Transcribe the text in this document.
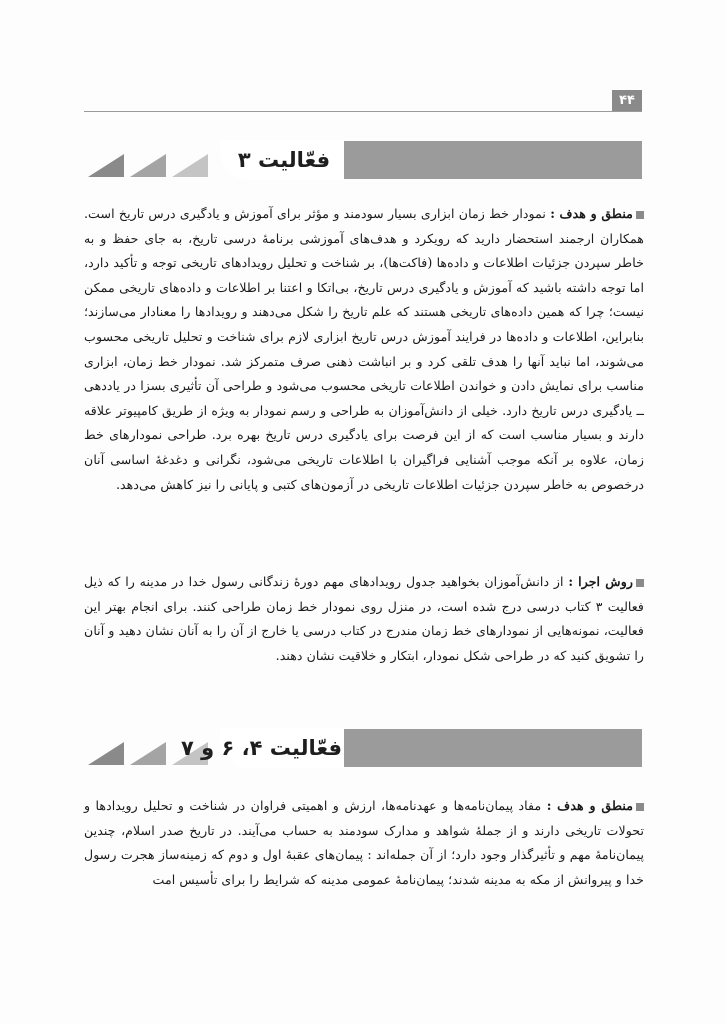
۴۴
فعّالیت ۳

منطق و هدف : نمودار خط زمان ابزاری بسیار سودمند و مؤثر برای آموزش و یادگیری درس تاریخ است. همکاران ارجمند استحضار دارید که رویکرد و هدف‌های آموزشی برنامهٔ درسی تاریخ، به جای حفظ و به خاطر سپردن جزئیات اطلاعات و داده‌ها (فاکت‌ها)، بر شناخت و تحلیل رویدادهای تاریخی توجه و تأکید دارد، اما توجه داشته باشید که آموزش و یادگیری درس تاریخ، بی‌اتکا و اعتنا بر اطلاعات و داده‌های تاریخی ممکن نیست؛ چرا که همین داده‌های تاریخی هستند که علم تاریخ را شکل می‌دهند و رویدادها را معنادار می‌سازند؛ بنابراین، اطلاعات و داده‌ها در فرایند آموزش درس تاریخ ابزاری لازم برای شناخت و تحلیل تاریخی محسوب می‌شوند، اما نباید آنها را هدف تلقی کرد و بر انباشت ذهنی صرف متمرکز شد. نمودار خط زمان، ابزاری مناسب برای نمایش دادن و خواندن اطلاعات تاریخی محسوب می‌شود و طراحی آن تأثیری بسزا در یاددهی ــ یادگیری درس تاریخ دارد. خیلی از دانش‌آموزان به طراحی و رسم نمودار به ویژه از طریق کامپیوتر علاقه دارند و بسیار مناسب است که از این فرصت برای یادگیری درس تاریخ بهره برد. طراحی نمودارهای خط زمان، علاوه بر آنکه موجب آشنایی فراگیران با اطلاعات تاریخی می‌شود، نگرانی و دغدغهٔ اساسی آنان درخصوص به خاطر سپردن جزئیات اطلاعات تاریخی در آزمون‌های کتبی و پایانی را نیز کاهش می‌دهد.

روش اجرا : از دانش‌آموزان بخواهید جدول رویدادهای مهم دورهٔ زندگانی رسول خدا در مدینه را که ذیل فعالیت ۳ کتاب درسی درج شده است، در منزل روی نمودار خط زمان طراحی کنند. برای انجام بهتر این فعالیت، نمونه‌هایی از نمودارهای خط زمان مندرج در کتاب درسی یا خارج از آن را به آنان نشان دهید و آنان را تشویق کنید که در طراحی شکل نمودار، ابتکار و خلاقیت نشان دهند.

فعّالیت ۴، ۶ و ۷

منطق و هدف : مفاد پیمان‌نامه‌ها و عهدنامه‌ها، ارزش و اهمیتی فراوان در شناخت و تحلیل رویدادها و تحولات تاریخی دارند و از جملهٔ شواهد و مدارک سودمند به حساب می‌آیند. در تاریخ صدر اسلام، چندین پیمان‌نامهٔ مهم و تأثیرگذار وجود دارد؛ از آن جمله‌اند : پیمان‌های عقبهٔ اول و دوم که زمینه‌ساز هجرت رسول خدا و پیروانش از مکه به مدینه شدند؛ پیمان‌نامهٔ عمومی مدینه که شرایط را برای تأسیس امت
